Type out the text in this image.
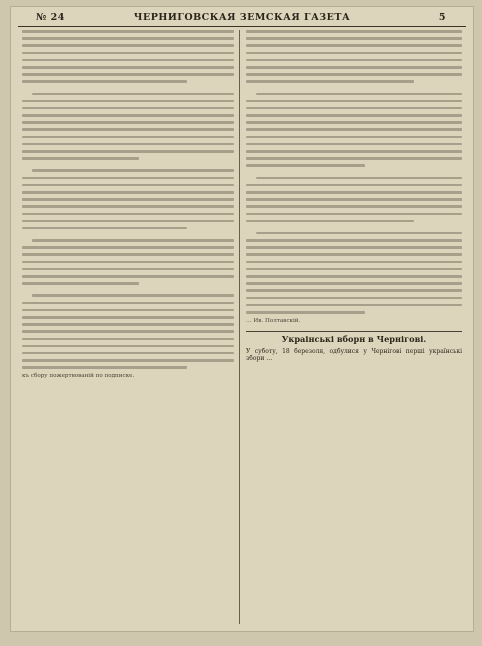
№ 24	ЧЕРНИГОВСКАЯ ЗЕМСКАЯ ГАЗЕТА	5
къ сбору пожертвованій по подписке.
… Ив. Полтавскій.
Украінські вборн в Чернігові.
У суботу, 18 березоля, одбулися у Чернігові перші українські збори …
